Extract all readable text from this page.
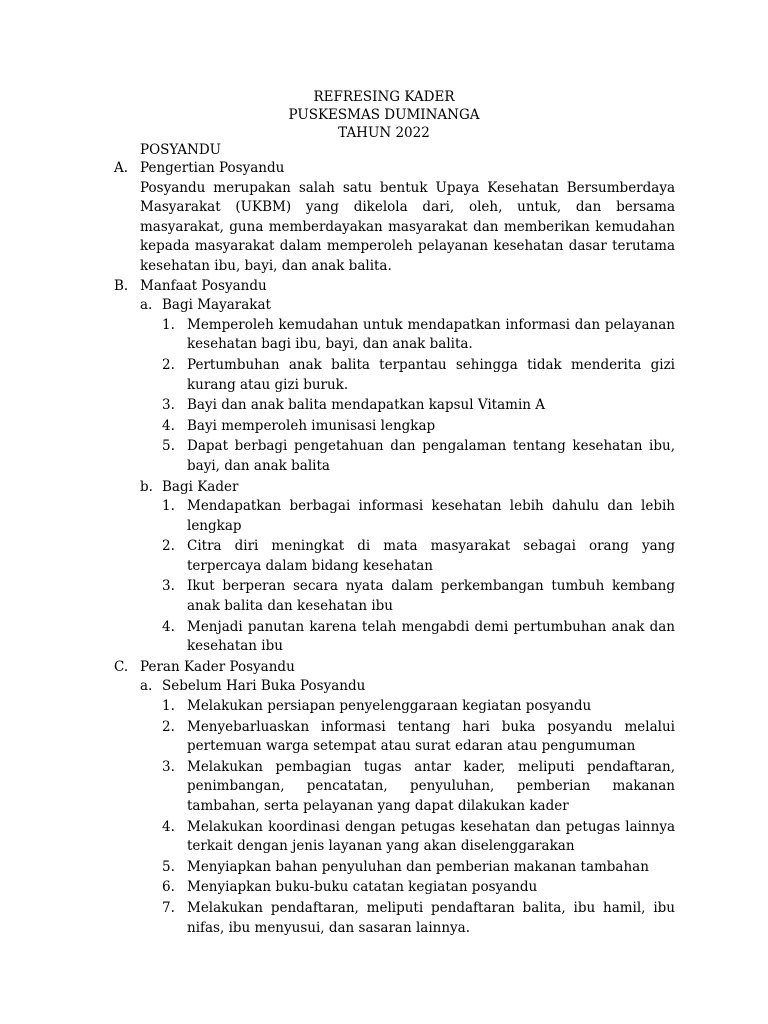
REFRESING KADER
PUSKESMAS DUMINANGA
TAHUN 2022
POSYANDU
A. Pengertian Posyandu
Posyandu merupakan salah satu bentuk Upaya Kesehatan Bersumberdaya Masyarakat (UKBM) yang dikelola dari, oleh, untuk, dan bersama masyarakat, guna memberdayakan masyarakat dan memberikan kemudahan kepada masyarakat dalam memperoleh pelayanan kesehatan dasar terutama kesehatan ibu, bayi, dan anak balita.
B. Manfaat Posyandu
a. Bagi Mayarakat
1. Memperoleh kemudahan untuk mendapatkan informasi dan pelayanan kesehatan bagi ibu, bayi, dan anak balita.
2. Pertumbuhan anak balita terpantau sehingga tidak menderita gizi kurang atau gizi buruk.
3. Bayi dan anak balita mendapatkan kapsul Vitamin A
4. Bayi memperoleh imunisasi lengkap
5. Dapat berbagi pengetahuan dan pengalaman tentang kesehatan ibu, bayi, dan anak balita
b. Bagi Kader
1. Mendapatkan berbagai informasi kesehatan lebih dahulu dan lebih lengkap
2. Citra diri meningkat di mata masyarakat sebagai orang yang terpercaya dalam bidang kesehatan
3. Ikut berperan secara nyata dalam perkembangan tumbuh kembang anak balita dan kesehatan ibu
4. Menjadi panutan karena telah mengabdi demi pertumbuhan anak dan kesehatan ibu
C. Peran Kader Posyandu
a. Sebelum Hari Buka Posyandu
1. Melakukan persiapan penyelenggaraan kegiatan posyandu
2. Menyebarluaskan informasi tentang hari buka posyandu melalui pertemuan warga setempat atau surat edaran atau pengumuman
3. Melakukan pembagian tugas antar kader, meliputi pendaftaran, penimbangan, pencatatan, penyuluhan, pemberian makanan tambahan, serta pelayanan yang dapat dilakukan kader
4. Melakukan koordinasi dengan petugas kesehatan dan petugas lainnya terkait dengan jenis layanan yang akan diselenggarakan
5. Menyiapkan bahan penyuluhan dan pemberian makanan tambahan
6. Menyiapkan buku-buku catatan kegiatan posyandu
7. Melakukan pendaftaran, meliputi pendaftaran balita, ibu hamil, ibu nifas, ibu menyusui, dan sasaran lainnya.
